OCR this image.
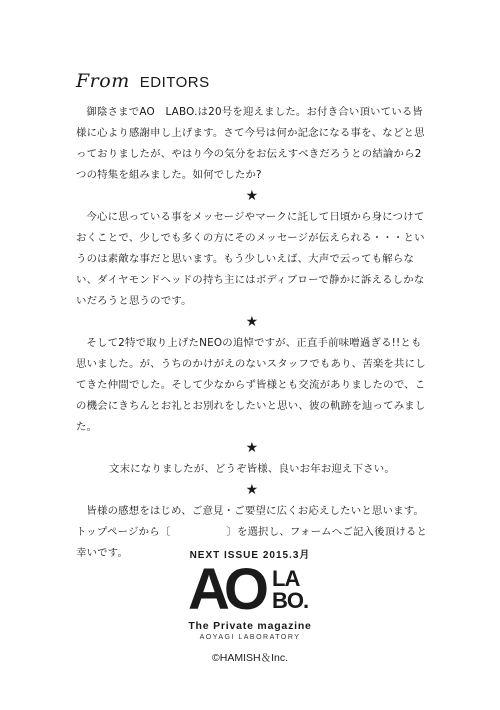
From EDITORS

御陰さまでAO　LABO.は20号を迎えました。お付き合い頂いている皆様に心より感謝申し上げます。さて今号は何か記念になる事を、などと思っておりましたが、やはり今の気分をお伝えすべきだろうとの結論から2つの特集を組みました。如何でしたか?

★

今心に思っている事をメッセージやマークに託して日頃から身につけておくことで、少しでも多くの方にそのメッセージが伝えられる・・・というのは素敵な事だと思います。もう少しいえば、大声で云っても解らない、ダイヤモンドヘッドの持ち主にはボディブローで静かに訴えるしかないだろうと思うのです。

★

そして2特で取り上げたNEOの追悼ですが、正直手前味噌過ぎる!!とも思いました。が、うちのかけがえのないスタッフでもあり、苦楽を共にしてきた仲間でした。そして少なからず皆様とも交流がありましたので、この機会にきちんとお礼とお別れをしたいと思い、彼の軌跡を辿ってみました。

★

文末になりましたが、どうぞ皆様、良いお年お迎え下さい。

★

皆様の感想をはじめ、ご意見・ご要望に広くお応えしたいと思います。トップページから〔	〕を選択し、フォームへご記入後頂けると幸いです。	NEXT ISSUE 2015.3月
AO LA
BO.
The Private magazine
AOYAGI LABORATORY
©HAMISH＆Inc.
